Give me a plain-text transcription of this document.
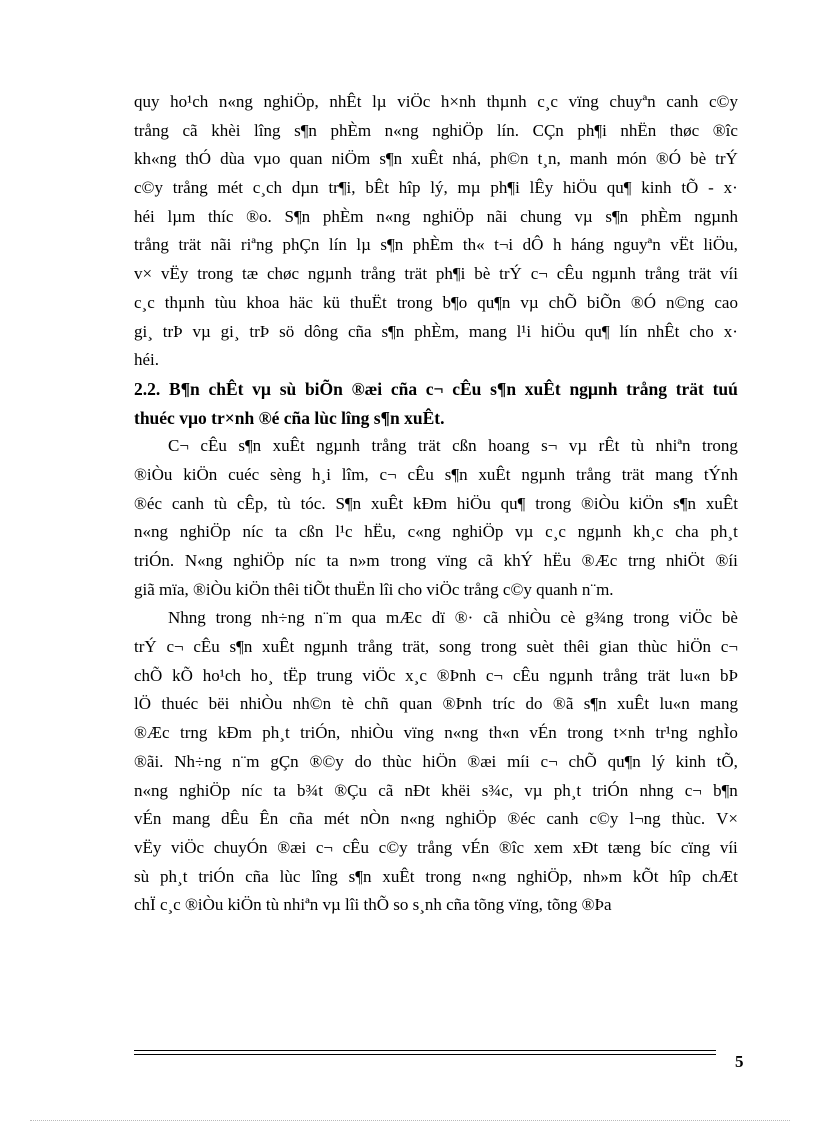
quy ho¹ch n«ng nghiÖp, nhÊt lµ viÖc h×nh thµnh c¸c vïng chuyªn canh c©y
trång cã khèi lîng s¶n phÈm n«ng nghiÖp lín. CÇn ph¶i nhËn thøc ®îc
kh«ng thÓ dùa vµo quan niÖm s¶n xuÊt nhá, ph©n t¸n, manh món ®Ó bè trÝ
c©y trång mét c¸ch dµn tr¶i, bÊt hîp lý, mµ ph¶i lÊy hiÖu qu¶ kinh tÕ - x·
héi lµm thíc ®o. S¶n phÈm n«ng nghiÖp nãi chung vµ s¶n phÈm ngµnh
trång trät nãi riªng phÇn lín lµ s¶n phÈm th« t¬i dÔ h háng nguyªn vËt liÖu,
v× vËy trong tæ chøc ngµnh trång trät ph¶i bè trÝ c¬ cÊu ngµnh trång trät víi
c¸c thµnh tùu khoa häc kü thuËt trong b¶o qu¶n vµ chÕ biÕn ®Ó n©ng cao
gi¸ trÞ vµ gi¸ trÞ sö dông cña s¶n phÈm, mang l¹i hiÖu qu¶ lín nhÊt cho x·
héi.
2.2. B¶n chÊt vµ sù biÕn ®æi cña c¬ cÊu s¶n xuÊt ngµnh trång trät tuú
thuéc vµo tr×nh ®é cña lùc lîng s¶n xuÊt.
C¬ cÊu s¶n xuÊt ngµnh trång trät cßn hoang s¬ vµ rÊt tù nhiªn trong
®iÒu kiÖn cuéc sèng h¸i lîm, c¬ cÊu s¶n xuÊt ngµnh trång trät mang tÝnh
®éc canh tù cÊp, tù tóc. S¶n xuÊt kÐm hiÖu qu¶ trong ®iÒu kiÖn s¶n xuÊt
n«ng nghiÖp níc ta cßn l¹c hËu, c«ng nghiÖp vµ c¸c ngµnh kh¸c cha ph¸t
triÓn. N«ng nghiÖp níc ta n»m trong vïng cã khÝ hËu ®Æc trng nhiÖt ®íi
giã mïa, ®iÒu kiÖn thêi tiÕt thuËn lîi cho viÖc trång c©y quanh n¨m.
Nhng trong nh÷ng n¨m qua mÆc dï ®· cã nhiÒu cè g¾ng trong viÖc bè
trÝ c¬ cÊu s¶n xuÊt ngµnh trång trät, song trong suèt thêi gian thùc hiÖn c¬
chÕ kÕ ho¹ch ho¸ tËp trung viÖc x¸c ®Þnh c¬ cÊu ngµnh trång trät lu«n bÞ
lÖ thuéc bëi nhiÒu nh©n tè chñ quan ®Þnh tríc do ®ã s¶n xuÊt lu«n mang
®Æc trng kÐm ph¸t triÓn, nhiÒu vïng n«ng th«n vÉn trong t×nh tr¹ng nghÌo
®ãi. Nh÷ng n¨m gÇn ®©y do thùc hiÖn ®æi míi c¬ chÕ qu¶n lý kinh tÕ,
n«ng nghiÖp níc ta b¾t ®Çu cã nÐt khëi s¾c, vµ ph¸t triÓn nhng c¬ b¶n
vÉn mang dÊu Ên cña mét nÒn n«ng nghiÖp ®éc canh c©y l¬ng thùc. V×
vËy viÖc chuyÓn ®æi c¬ cÊu c©y trång vÉn ®îc xem xÐt tæng bíc cïng víi
sù ph¸t triÓn cña lùc lîng s¶n xuÊt trong n«ng nghiÖp, nh»m kÕt hîp chÆt
chÏ c¸c ®iÒu kiÖn tù nhiªn vµ lîi thÕ so s¸nh cña tõng vïng, tõng ®Þa
5
